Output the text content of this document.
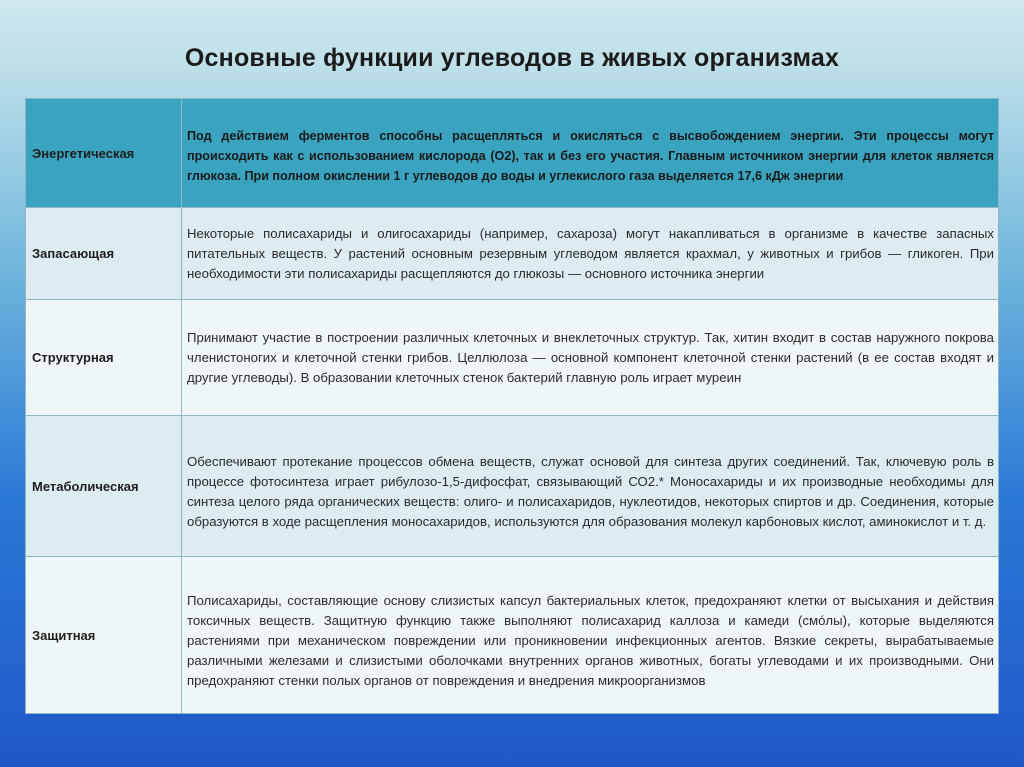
Основные функции углеводов в живых организмах
Энергетическая	Под действием ферментов способны расщепляться и окисляться с высвобождением энергии. Эти процессы могут происходить как с использованием кислорода (О2), так и без его участия. Главным источником энергии для клеток является глюкоза. При полном окислении 1 г углеводов до воды и углекислого газа выделяется 17,6 кДж энергии
Запасающая	Некоторые полисахариды и олигосахариды (например, сахароза) могут накапливаться в организме в качестве запасных питательных веществ. У растений основным резервным углеводом является крахмал, у животных и грибов — гликоген. При необходимости эти полисахариды расщепляются до глюкозы — основного источника энергии
Структурная	Принимают участие в построении различных клеточных и внеклеточных структур. Так, хитин входит в состав наружного покрова членистоногих и клеточной стенки грибов. Целлюлоза — основной компонент клеточной стенки растений (в ее состав входят и другие углеводы). В образовании клеточных стенок бактерий главную роль играет муреин
Метаболическая	Обеспечивают протекание процессов обмена веществ, служат основой для синтеза других соединений. Так, ключевую роль в процессе фотосинтеза играет рибулозо-1,5-дифосфат, связывающий СО2.* Моносахариды и их производные необходимы для синтеза целого ряда органических веществ: олиго- и полисахаридов, нуклеотидов, некоторых спиртов и др. Соединения, которые образуются в ходе расщепления моносахаридов, используются для образования молекул карбоновых кислот, аминокислот и т. д.
Защитная	Полисахариды, составляющие основу слизистых капсул бактериальных клеток, предохраняют клетки от высыхания и действия токсичных веществ. Защитную функцию также выполняют полисахарид каллоза и камеди (смóлы), которые выделяются растениями при механическом повреждении или проникновении инфекционных агентов. Вязкие секреты, вырабатываемые различными железами и слизистыми оболочками внутренних органов животных, богаты углеводами и их производными. Они предохраняют стенки полых органов от повреждения и внедрения микроорганизмов
